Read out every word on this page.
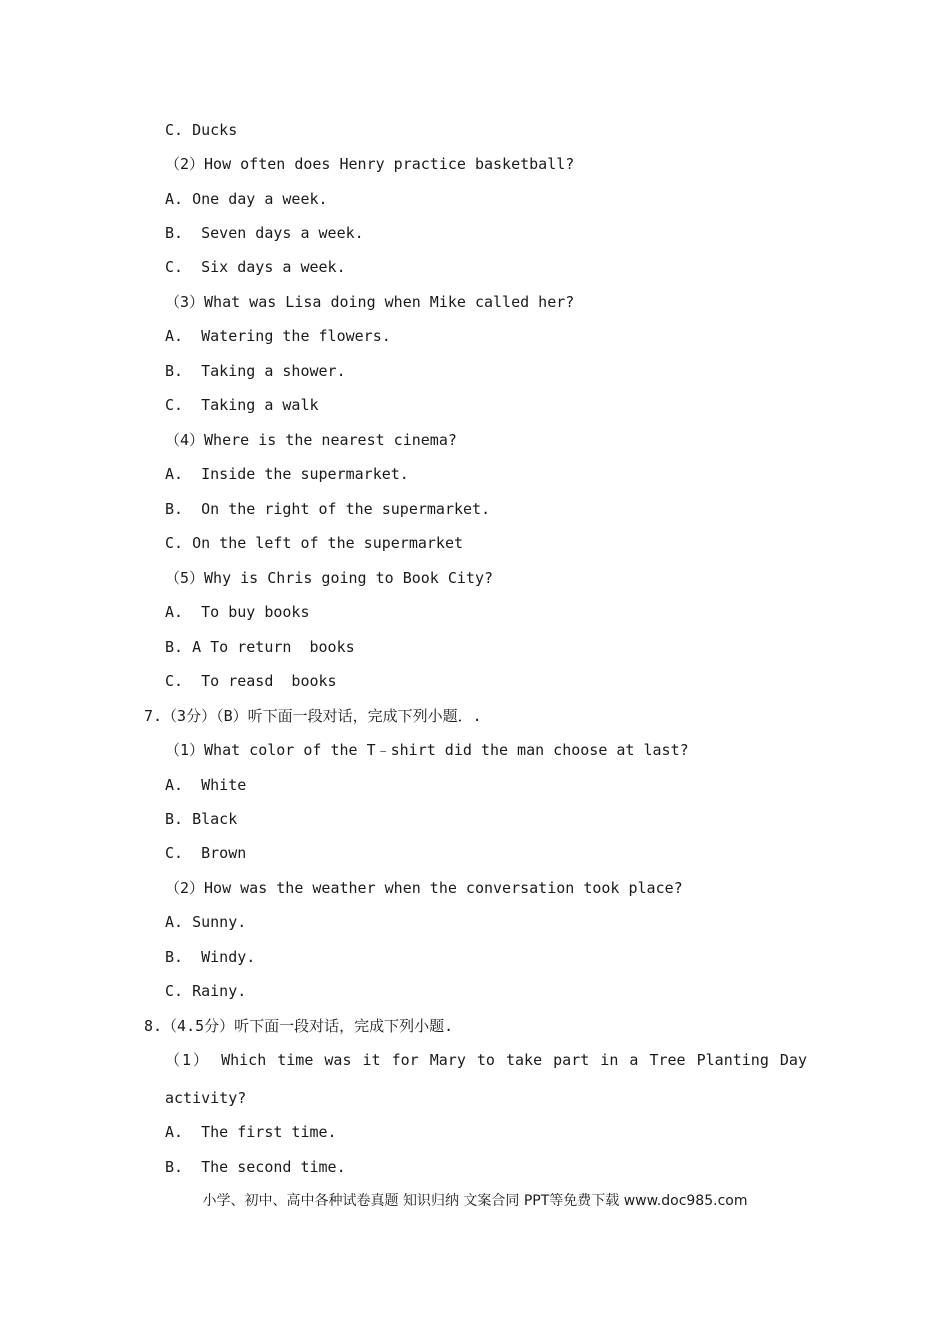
C. Ducks
（2）How often does Henry practice basketball?
A. One day a week.
B.  Seven days a week.
C.  Six days a week.
（3）What was Lisa doing when Mike called her?
A.  Watering the flowers.
B.  Taking a shower.
C.  Taking a walk
（4）Where is the nearest cinema?
A.  Inside the supermarket.
B.  On the right of the supermarket.
C. On the left of the supermarket
（5）Why is Chris going to Book City?
A.  To buy books
B. A To return  books
C.  To reasd  books
7.（3分）（B）听下面一段对话，完成下列小题．.
（1）What color of the T﹣shirt did the man choose at last?
A.  White
B. Black
C.  Brown
（2）How was the weather when the conversation took place?
A. Sunny.
B.  Windy.
C. Rainy.
8.（4.5分）听下面一段对话，完成下列小题.
（1） Which time was it for Mary to take part in a Tree Planting Day
activity?
A.  The first time.
B.  The second time.
小学、初中、高中各种试卷真题 知识归纳 文案合同 PPT等免费下载 www.doc985.com
